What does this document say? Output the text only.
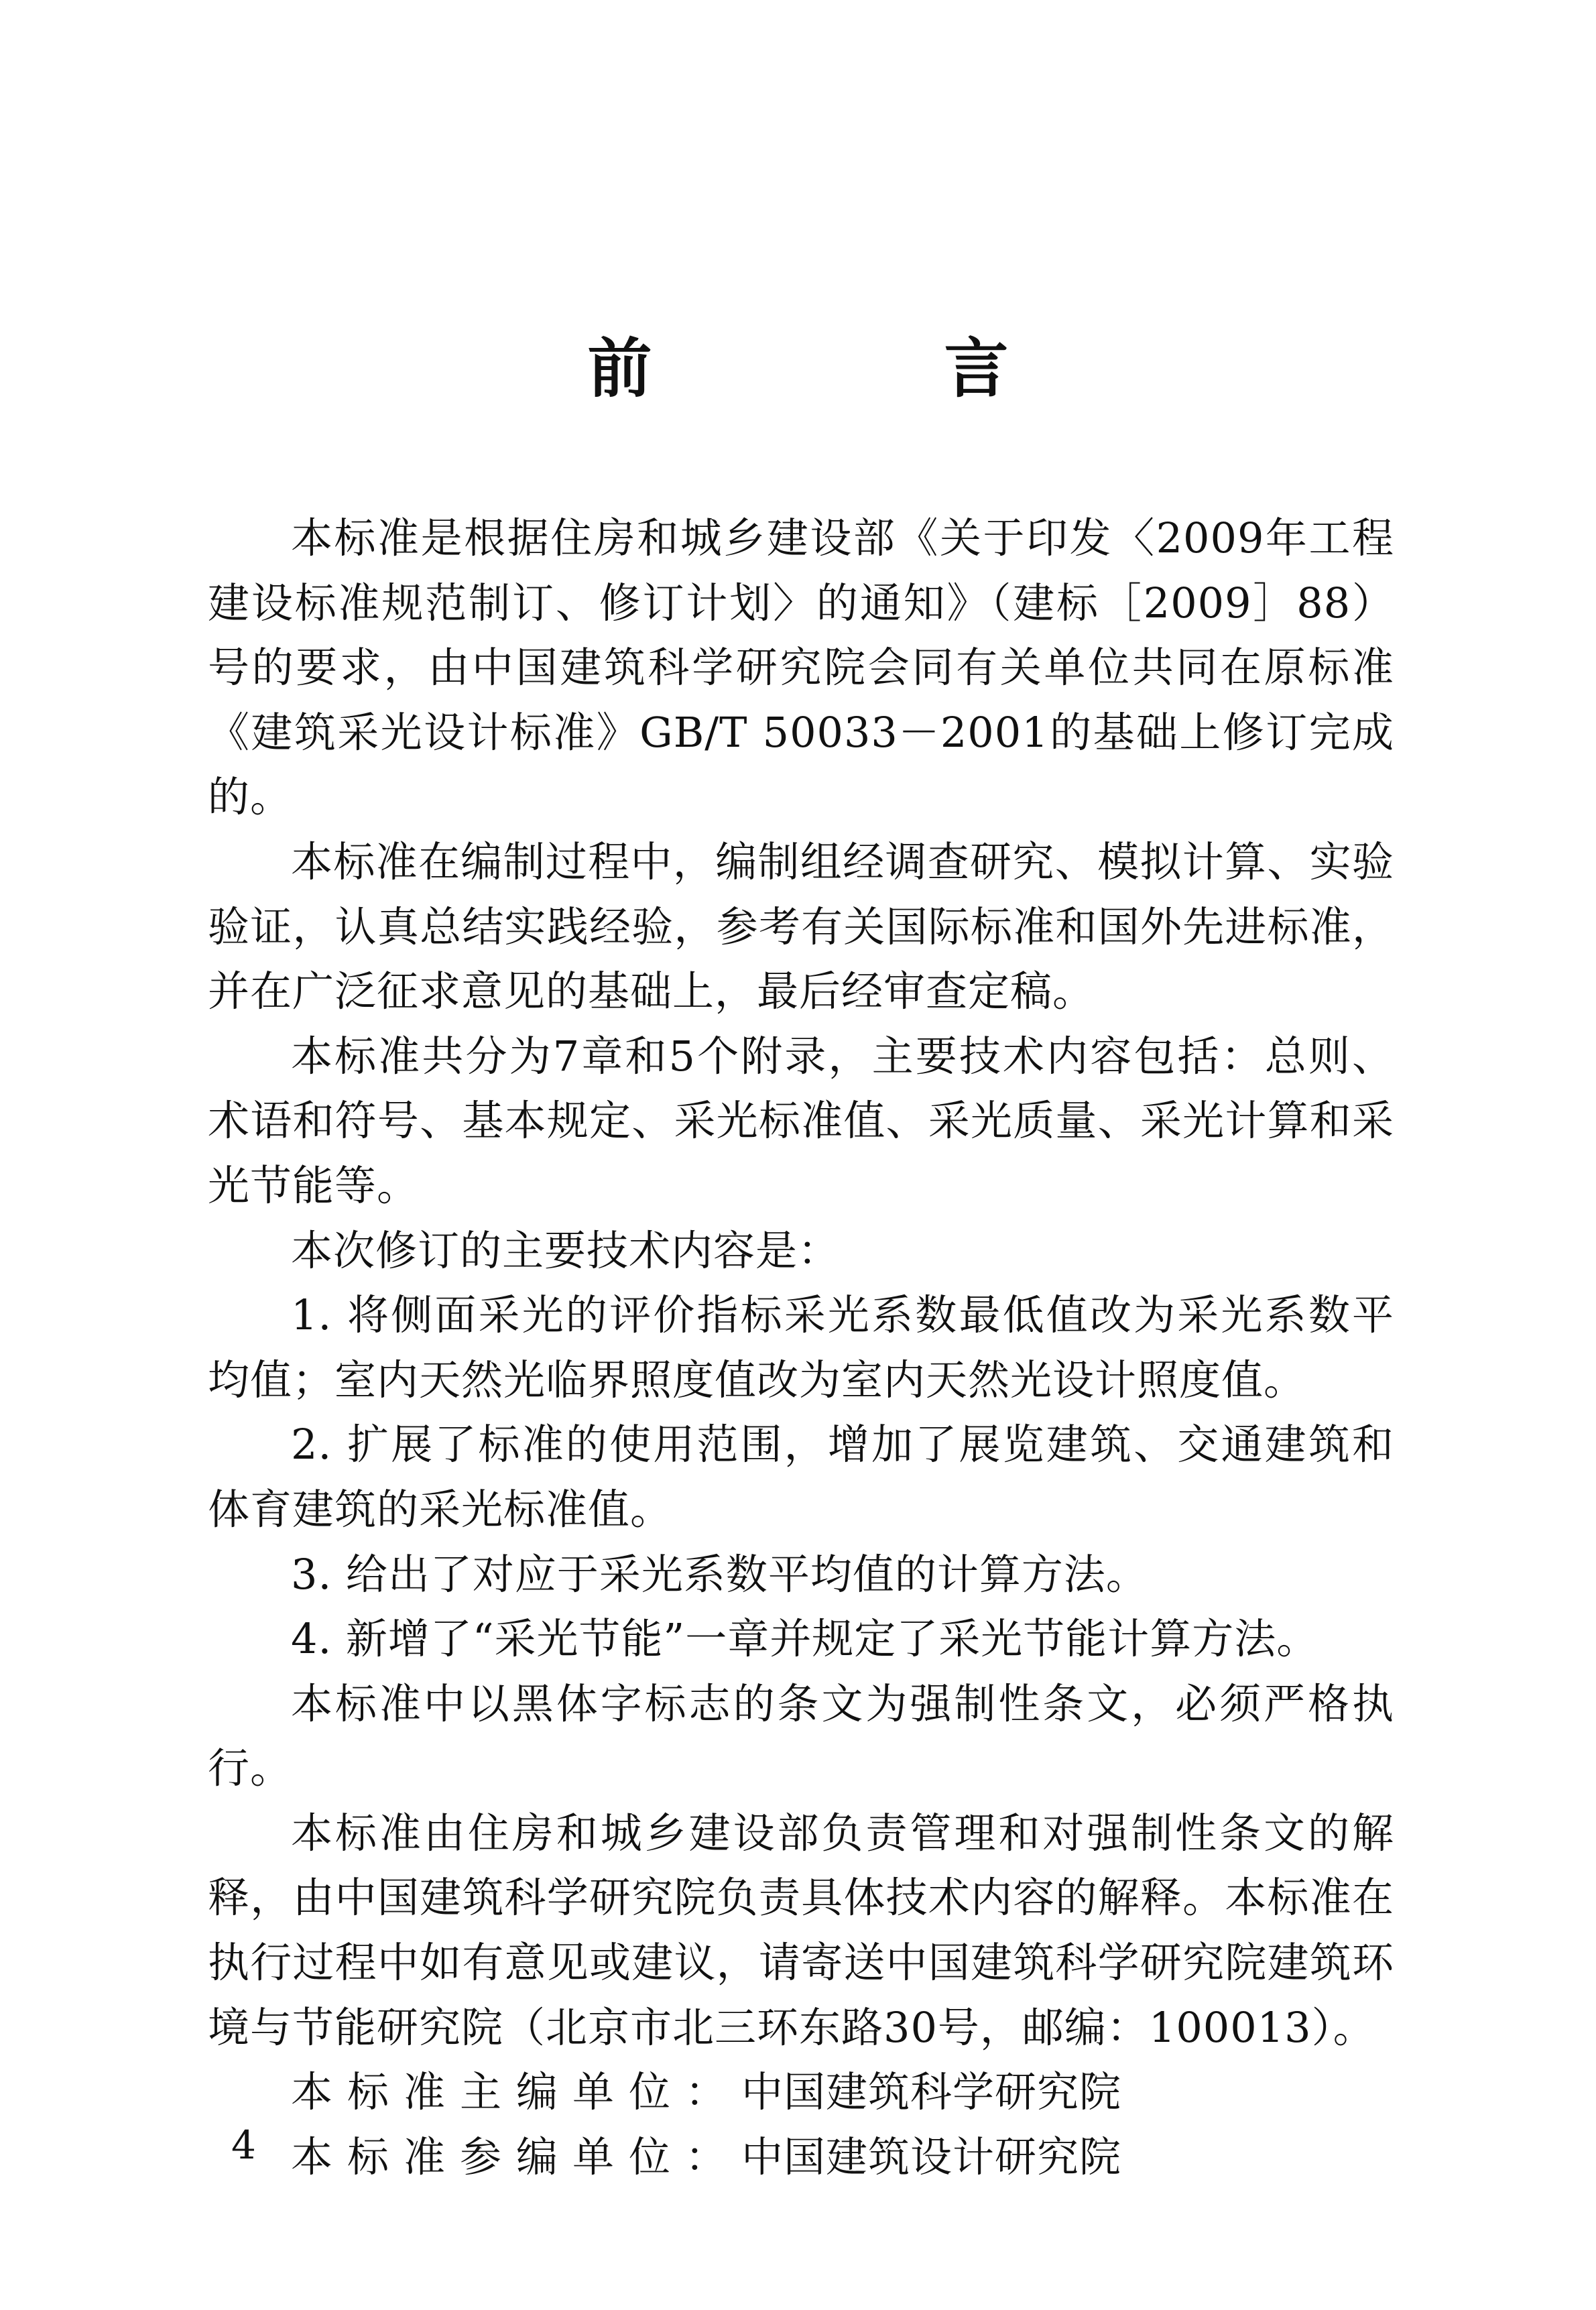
前　言

本标准是根据住房和城乡建设部《关于印发〈2009年工程建设标准规范制订、修订计划〉的通知》（建标［2009］88）号的要求，由中国建筑科学研究院会同有关单位共同在原标准《建筑采光设计标准》GB/T 50033－2001的基础上修订完成的。

本标准在编制过程中，编制组经调查研究、模拟计算、实验验证，认真总结实践经验，参考有关国际标准和国外先进标准，并在广泛征求意见的基础上，最后经审查定稿。

本标准共分为7章和5个附录，主要技术内容包括：总则、术语和符号、基本规定、采光标准值、采光质量、采光计算和采光节能等。

本次修订的主要技术内容是：

1. 将侧面采光的评价指标采光系数最低值改为采光系数平均值；室内天然光临界照度值改为室内天然光设计照度值。

2. 扩展了标准的使用范围，增加了展览建筑、交通建筑和体育建筑的采光标准值。

3. 给出了对应于采光系数平均值的计算方法。

4. 新增了“采光节能”一章并规定了采光节能计算方法。

本标准中以黑体字标志的条文为强制性条文，必须严格执行。

本标准由住房和城乡建设部负责管理和对强制性条文的解释，由中国建筑科学研究院负责具体技术内容的解释。本标准在执行过程中如有意见或建议，请寄送中国建筑科学研究院建筑环境与节能研究院（北京市北三环东路30号，邮编：100013）。

本标准主编单位：中国建筑科学研究院

本标准参编单位：中国建筑设计研究院

4
